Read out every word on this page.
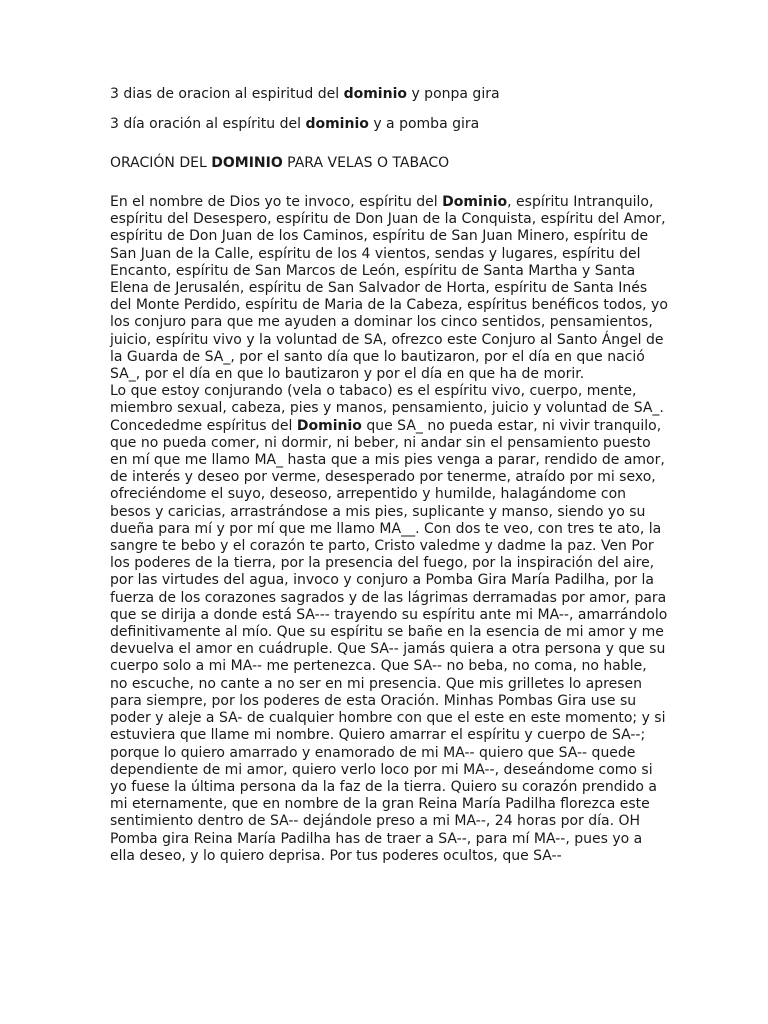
3 dias de oracion al espiritud del dominio y ponpa gira

3 día oración al espíritu del dominio y a pomba gira

ORACIÓN DEL DOMINIO PARA VELAS O TABACO

En el nombre de Dios yo te invoco, espíritu del Dominio, espíritu Intranquilo, espíritu del Desespero, espíritu de Don Juan de la Conquista, espíritu del Amor, espíritu de Don Juan de los Caminos, espíritu de San Juan Minero, espíritu de San Juan de la Calle, espíritu de los 4 vientos, sendas y lugares, espíritu del Encanto, espíritu de San Marcos de León, espíritu de Santa Martha y Santa Elena de Jerusalén, espíritu de San Salvador de Horta, espíritu de Santa Inés del Monte Perdido, espíritu de Maria de la Cabeza, espíritus benéficos todos, yo los conjuro para que me ayuden a dominar los cinco sentidos, pensamientos, juicio, espíritu vivo y la voluntad de SA, ofrezco este Conjuro al Santo Ángel de la Guarda de SA_, por el santo día que lo bautizaron, por el día en que nació SA_, por el día en que lo bautizaron y por el día en que ha de morir.

Lo que estoy conjurando (vela o tabaco) es el espíritu vivo, cuerpo, mente, miembro sexual, cabeza, pies y manos, pensamiento, juicio y voluntad de SA_.

Concededme espíritus del Dominio que SA_ no pueda estar, ni vivir tranquilo, que no pueda comer, ni dormir, ni beber, ni andar sin el pensamiento puesto en mí que me llamo MA_ hasta que a mis pies venga a parar, rendido de amor, de interés y deseo por verme, desesperado por tenerme, atraído por mi sexo, ofreciéndome el suyo, deseoso, arrepentido y humilde, halagándome con besos y caricias, arrastrándose a mis pies, suplicante y manso, siendo yo su dueña para mí y por mí que me llamo MA__. Con dos te veo, con tres te ato, la sangre te bebo y el corazón te parto, Cristo valedme y dadme la paz. Ven Por los poderes de la tierra, por la presencia del fuego, por la inspiración del aire, por las virtudes del agua, invoco y conjuro a Pomba Gira María Padilha, por la fuerza de los corazones sagrados y de las lágrimas derramadas por amor, para que se dirija a donde está SA--- trayendo su espíritu ante mi MA--, amarrándolo definitivamente al mío. Que su espíritu se bañe en la esencia de mi amor y me devuelva el amor en cuádruple. Que SA-- jamás quiera a otra persona y que su cuerpo solo a mi MA-- me pertenezca. Que SA-- no beba, no coma, no hable, no escuche, no cante a no ser en mi presencia. Que mis grilletes lo apresen para siempre, por los poderes de esta Oración. Minhas Pombas Gira use su poder y aleje a SA- de cualquier hombre con que el este en este momento; y si estuviera que llame mi nombre. Quiero amarrar el espíritu y cuerpo de SA--; porque lo quiero amarrado y enamorado de mi MA-- quiero que SA-- quede dependiente de mi amor, quiero verlo loco por mi MA--, deseándome como si yo fuese la última persona da la faz de la tierra. Quiero su corazón prendido a mi eternamente, que en nombre de la gran Reina María Padilha florezca este sentimiento dentro de SA-- dejándole preso a mi MA--, 24 horas por día. OH Pomba gira Reina María Padilha has de traer a SA--, para mí MA--, pues yo a ella deseo, y lo quiero deprisa. Por tus poderes ocultos, que SA--
